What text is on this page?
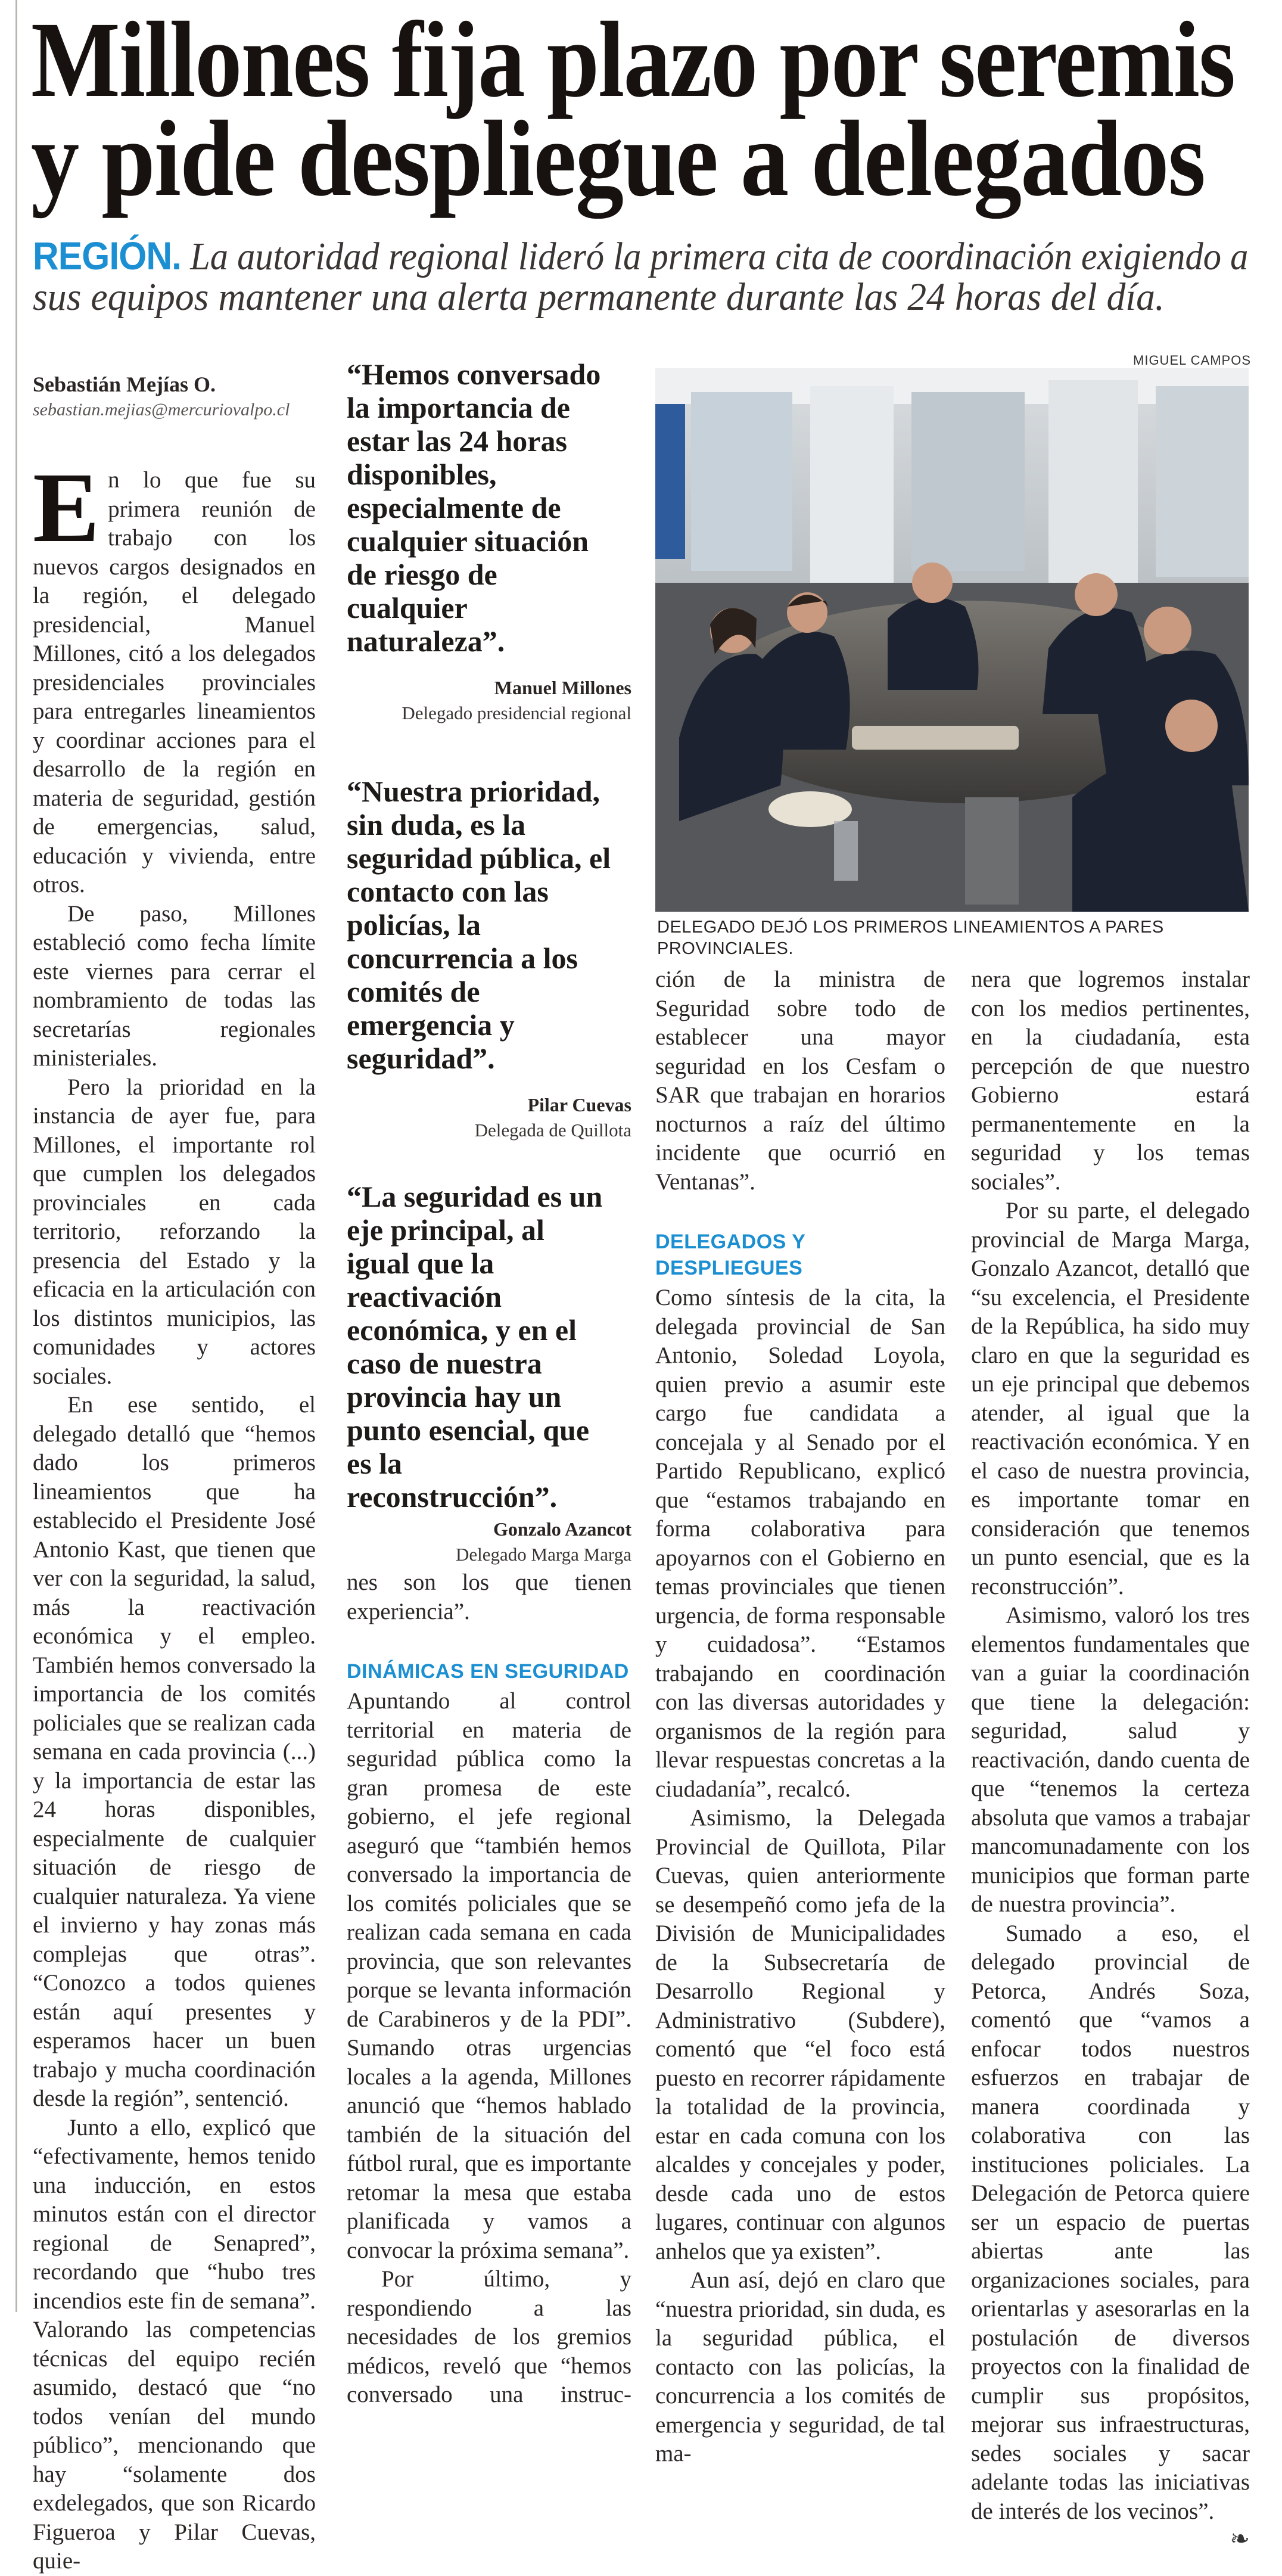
Millones fija plazo por seremis
y pide despliegue a delegados
REGIÓN. La autoridad regional lideró la primera cita de coordinación exigiendo a
sus equipos mantener una alerta permanente durante las 24 horas del día.
Sebastián Mejías O.
sebastian.mejias@mercuriovalpo.cl
MIGUEL CAMPOS
DELEGADO DEJÓ LOS PRIMEROS LINEAMIENTOS A PARES PROVINCIALES.
“Hemos conversado la importancia de estar las 24 horas disponibles, especialmente de cualquier situación de riesgo de cualquier naturaleza”.
Manuel Millones
Delegado presidencial regional
“Nuestra prioridad, sin duda, es la seguridad pública, el contacto con las policías, la concurrencia a los comités de emergencia y seguridad”.
Pilar Cuevas
Delegada de Quillota
“La seguridad es un eje principal, al igual que la reactivación económica, y en el caso de nuestra provincia hay un punto esencial, que es la reconstrucción”.
Gonzalo Azancot
Delegado Marga Marga
E n lo que fue su primera reunión de trabajo con los nuevos cargos designados en la región, el delegado presidencial, Manuel Millones, citó a los delegados presidenciales provinciales para entregarles lineamientos y coordinar acciones para el desarrollo de la región en materia de seguridad, gestión de emergencias, salud, educación y vivienda, entre otros.

De paso, Millones estableció como fecha límite este viernes para cerrar el nombramiento de todas las secretarías regionales ministeriales.

Pero la prioridad en la instancia de ayer fue, para Millones, el importante rol que cumplen los delegados provinciales en cada territorio, reforzando la presencia del Estado y la eficacia en la articulación con los distintos municipios, las comunidades y actores sociales.

En ese sentido, el delegado detalló que “hemos dado los primeros lineamientos que ha establecido el Presidente José Antonio Kast, que tienen que ver con la seguridad, la salud, más la reactivación económica y el empleo. También hemos conversado la importancia de los comités policiales que se realizan cada semana en cada provincia (...) y la importancia de estar las 24 horas disponibles, especialmente de cualquier situación de riesgo de cualquier naturaleza. Ya viene el invierno y hay zonas más complejas que otras”. “Conozco a todos quienes están aquí presentes y esperamos hacer un buen trabajo y mucha coordinación desde la región”, sentenció.

Junto a ello, explicó que “efectivamente, hemos tenido una inducción, en estos minutos están con el director regional de Senapred”, recordando que “hubo tres incendios este fin de semana”. Valorando las competencias técnicas del equipo recién asumido, destacó que “no todos venían del mundo público”, mencionando que hay “solamente dos exdelegados, que son Ricardo Figueroa y Pilar Cuevas, quie-

nes son los que tienen experiencia”.

DINÁMICAS EN SEGURIDAD

Apuntando al control territorial en materia de seguridad pública como la gran promesa de este gobierno, el jefe regional aseguró que “también hemos conversado la importancia de los comités policiales que se realizan cada semana en cada provincia, que son relevantes porque se levanta información de Carabineros y de la PDI”. Sumando otras urgencias locales a la agenda, Millones anunció que “hemos hablado también de la situación del fútbol rural, que es importante retomar la mesa que estaba planificada y vamos a convocar la próxima semana”.

Por último, y respondiendo a las necesidades de los gremios médicos, reveló que “hemos conversado una instruc-

ción de la ministra de Seguridad sobre todo de establecer una mayor seguridad en los Cesfam o SAR que trabajan en horarios nocturnos a raíz del último incidente que ocurrió en Ventanas”.

DELEGADOS Y DESPLIEGUES

Como síntesis de la cita, la delegada provincial de San Antonio, Soledad Loyola, quien previo a asumir este cargo fue candidata a concejala y al Senado por el Partido Republicano, explicó que “estamos trabajando en forma colaborativa para apoyarnos con el Gobierno en temas provinciales que tienen urgencia, de forma responsable y cuidadosa”. “Estamos trabajando en coordinación con las diversas autoridades y organismos de la región para llevar respuestas concretas a la ciudadanía”, recalcó.

Asimismo, la Delegada Provincial de Quillota, Pilar Cuevas, quien anteriormente se desempeñó como jefa de la División de Municipalidades de la Subsecretaría de Desarrollo Regional y Administrativo (Subdere), comentó que “el foco está puesto en recorrer rápidamente la totalidad de la provincia, estar en cada comuna con los alcaldes y concejales y poder, desde cada uno de estos lugares, continuar con algunos anhelos que ya existen”.

Aun así, dejó en claro que “nuestra prioridad, sin duda, es la seguridad pública, el contacto con las policías, la concurrencia a los comités de emergencia y seguridad, de tal ma-

nera que logremos instalar con los medios pertinentes, en la ciudadanía, esta percepción de que nuestro Gobierno estará permanentemente en la seguridad y los temas sociales”.

Por su parte, el delegado provincial de Marga Marga, Gonzalo Azancot, detalló que “su excelencia, el Presidente de la República, ha sido muy claro en que la seguridad es un eje principal que debemos atender, al igual que la reactivación económica. Y en el caso de nuestra provincia, es importante tomar en consideración que tenemos un punto esencial, que es la reconstrucción”.

Asimismo, valoró los tres elementos fundamentales que van a guiar la coordinación que tiene la delegación: seguridad, salud y reactivación, dando cuenta de que “tenemos la certeza absoluta que vamos a trabajar mancomunadamente con los municipios que forman parte de nuestra provincia”.

Sumado a eso, el delegado provincial de Petorca, Andrés Soza, comentó que “vamos a enfocar todos nuestros esfuerzos en trabajar de manera coordinada y colaborativa con las instituciones policiales. La Delegación de Petorca quiere ser un espacio de puertas abiertas ante las organizaciones sociales, para orientarlas y asesorarlas en la postulación de diversos proyectos con la finalidad de cumplir sus propósitos, mejorar sus infraestructuras, sedes sociales y sacar adelante todas las iniciativas de interés de los vecinos”.

❧
